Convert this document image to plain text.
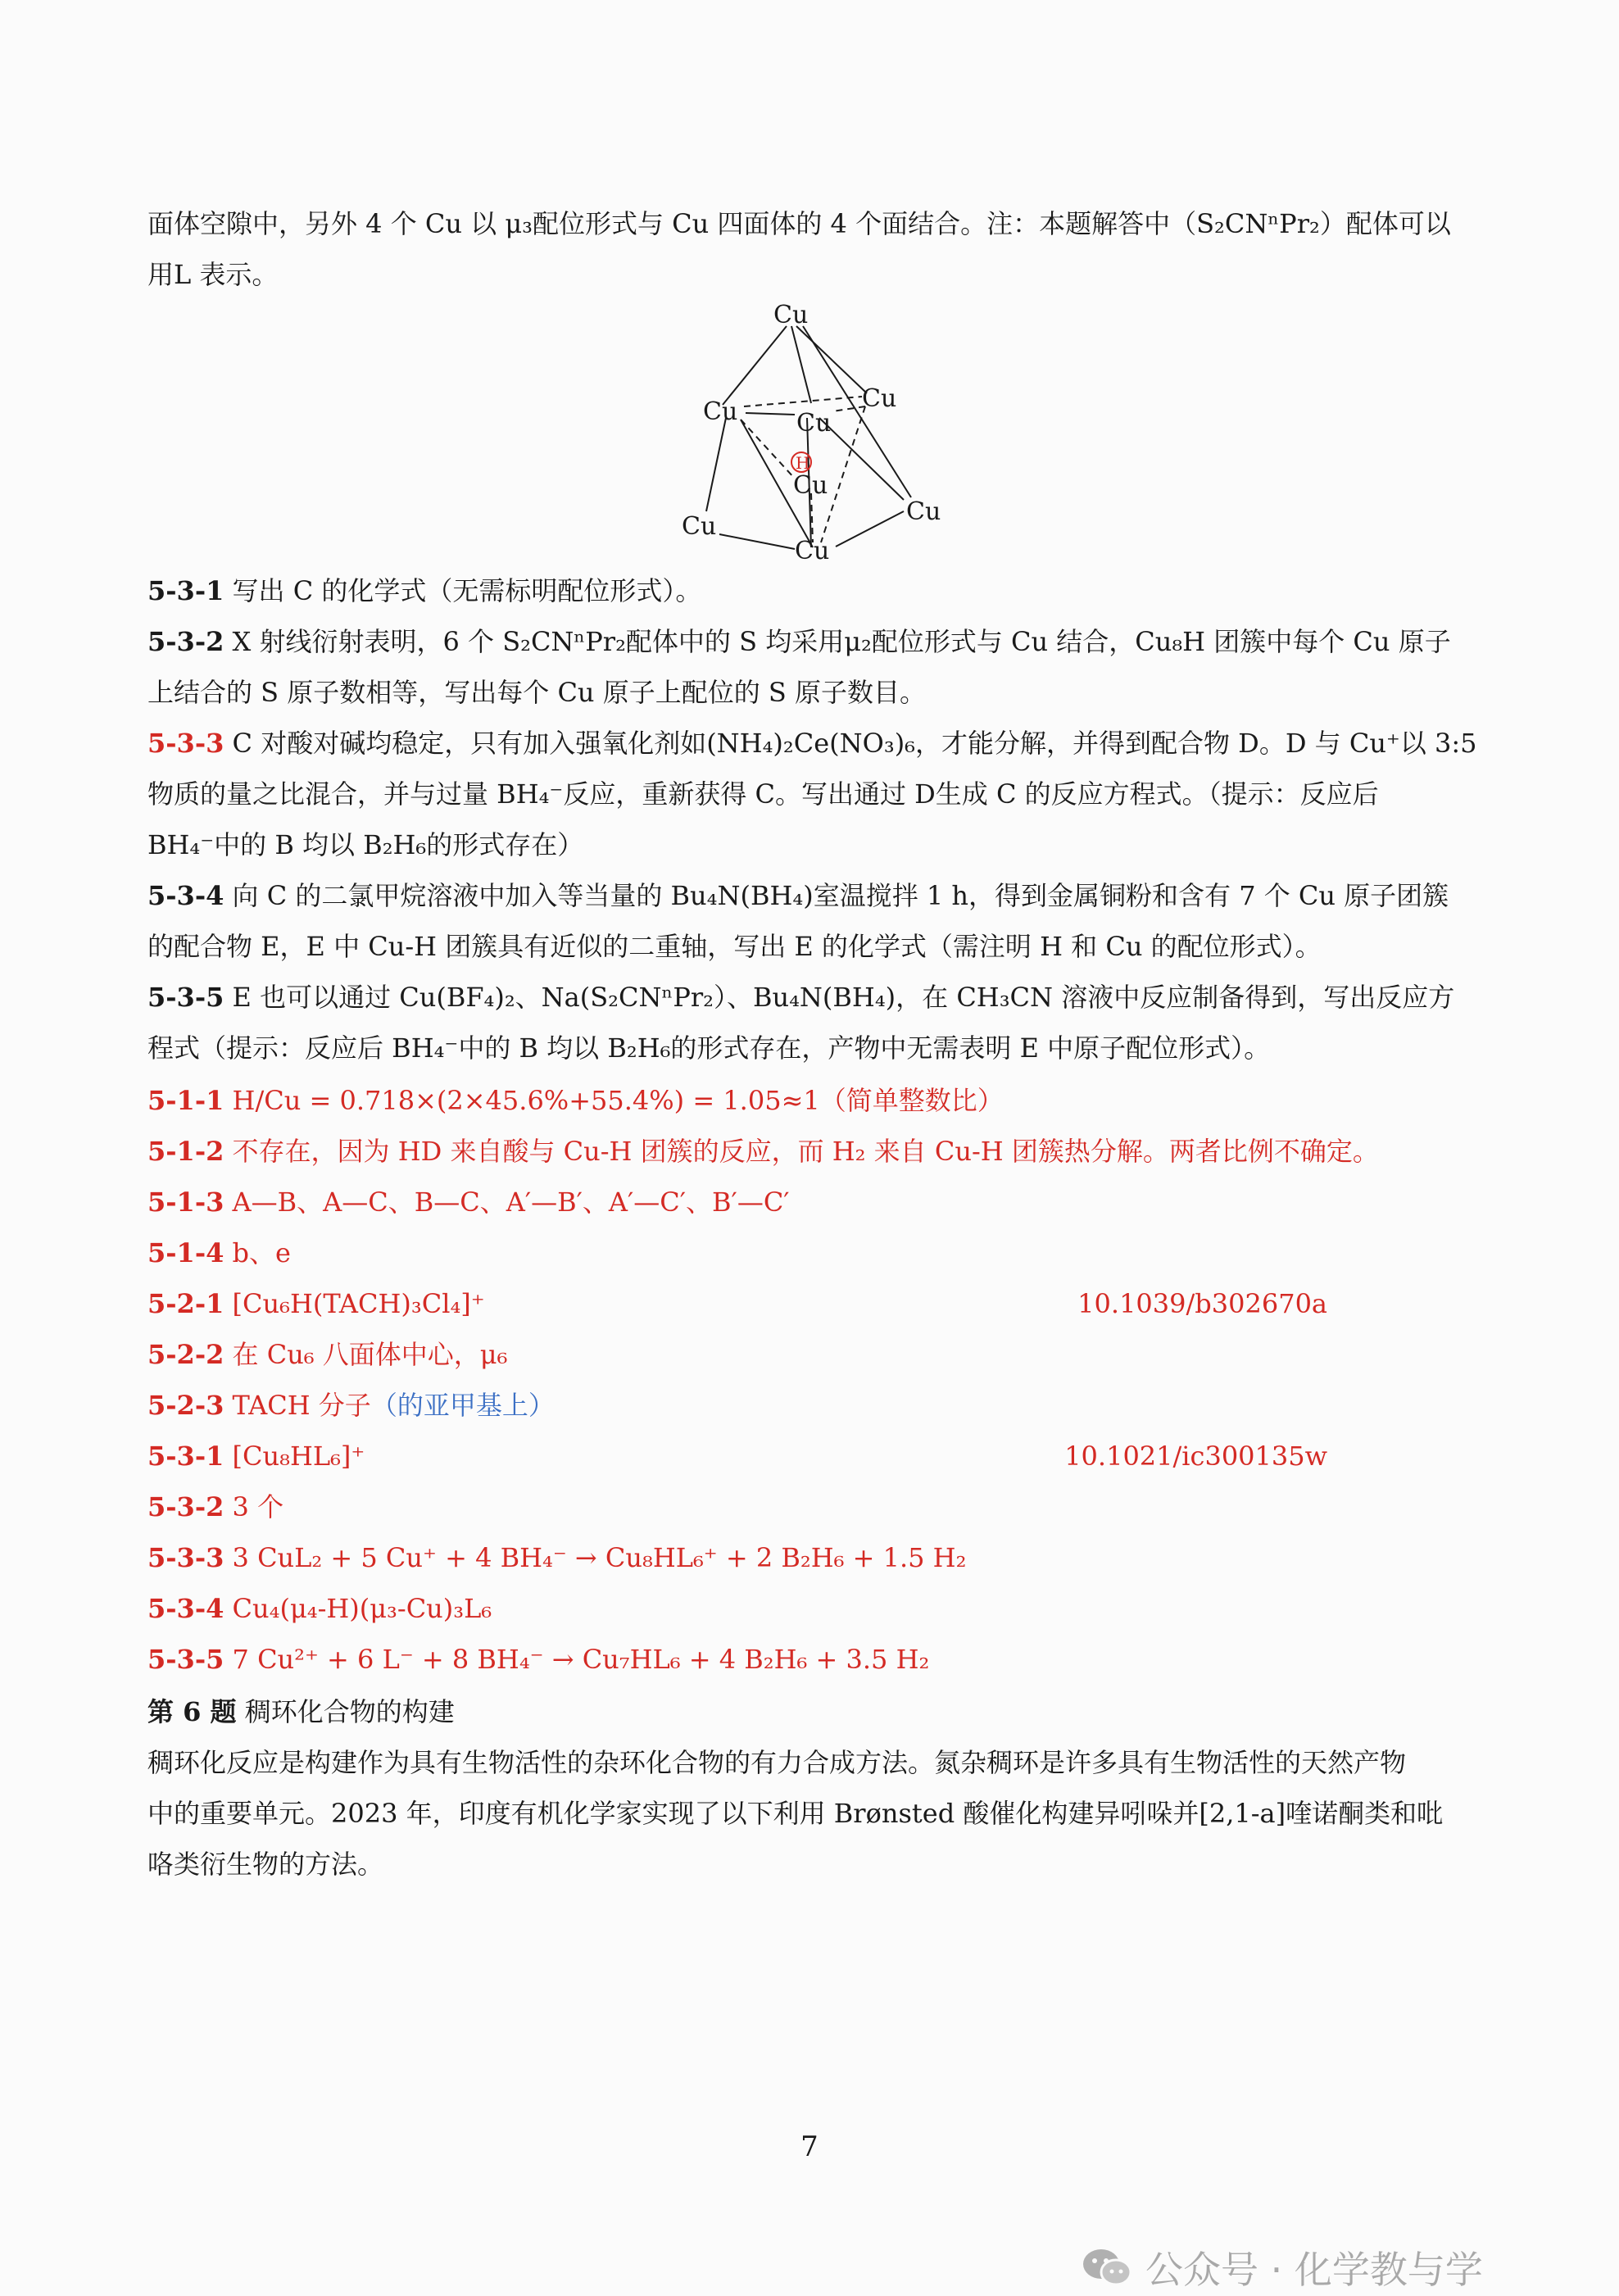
面体空隙中，另外 4 个 Cu 以 μ₃配位形式与 Cu 四面体的 4 个面结合。注：本题解答中（S₂CNⁿPr₂）配体可以
用L 表示。
Cu
Cu Cu
Cu
Cu
Cu
Cu
Cu
H
5-3-1 写出 C 的化学式（无需标明配位形式）。
5-3-2 X 射线衍射表明，6 个 S₂CNⁿPr₂配体中的 S 均采用μ₂配位形式与 Cu 结合，Cu₈H 团簇中每个 Cu 原子
上结合的 S 原子数相等，写出每个 Cu 原子上配位的 S 原子数目。
5-3-3 C 对酸对碱均稳定，只有加入强氧化剂如(NH₄)₂Ce(NO₃)₆，才能分解，并得到配合物 D。D 与 Cu⁺以 3:5
物质的量之比混合，并与过量 BH₄⁻反应，重新获得 C。写出通过 D生成 C 的反应方程式。（提示：反应后
BH₄⁻中的 B 均以 B₂H₆的形式存在）
5-3-4 向 C 的二氯甲烷溶液中加入等当量的 Bu₄N(BH₄)室温搅拌 1 h，得到金属铜粉和含有 7 个 Cu 原子团簇
的配合物 E，E 中 Cu-H 团簇具有近似的二重轴，写出 E 的化学式（需注明 H 和 Cu 的配位形式）。
5-3-5 E 也可以通过 Cu(BF₄)₂、Na(S₂CNⁿPr₂）、Bu₄N(BH₄)，在 CH₃CN 溶液中反应制备得到，写出反应方
程式（提示：反应后 BH₄⁻中的 B 均以 B₂H₆的形式存在，产物中无需表明 E 中原子配位形式）。
5-1-1 H/Cu = 0.718×(2×45.6%+55.4%) = 1.05≈1（简单整数比）
5-1-2 不存在，因为 HD 来自酸与 Cu-H 团簇的反应，而 H₂ 来自 Cu-H 团簇热分解。两者比例不确定。
5-1-3 A—B、A—C、B—C、A′—B′、A′—C′、B′—C′
5-1-4 b、e
5-2-1 [Cu₆H(TACH)₃Cl₄]⁺	10.1039/b302670a
5-2-2 在 Cu₆ 八面体中心，μ₆
5-2-3 TACH 分子（的亚甲基上）
5-3-1 [Cu₈HL₆]⁺	10.1021/ic300135w
5-3-2 3 个
5-3-3 3 CuL₂ + 5 Cu⁺ + 4 BH₄⁻ → Cu₈HL₆⁺ + 2 B₂H₆ + 1.5 H₂
5-3-4 Cu₄(μ₄-H)(μ₃-Cu)₃L₆
5-3-5 7 Cu²⁺ + 6 L⁻ + 8 BH₄⁻ → Cu₇HL₆ + 4 B₂H₆ + 3.5 H₂
第 6 题 稠环化合物的构建
稠环化反应是构建作为具有生物活性的杂环化合物的有力合成方法。氮杂稠环是许多具有生物活性的天然产物
中的重要单元。2023 年，印度有机化学家实现了以下利用 Brønsted 酸催化构建异吲哚并[2,1-a]喹诺酮类和吡
咯类衍生物的方法。
7
公众号 · 化学教与学
